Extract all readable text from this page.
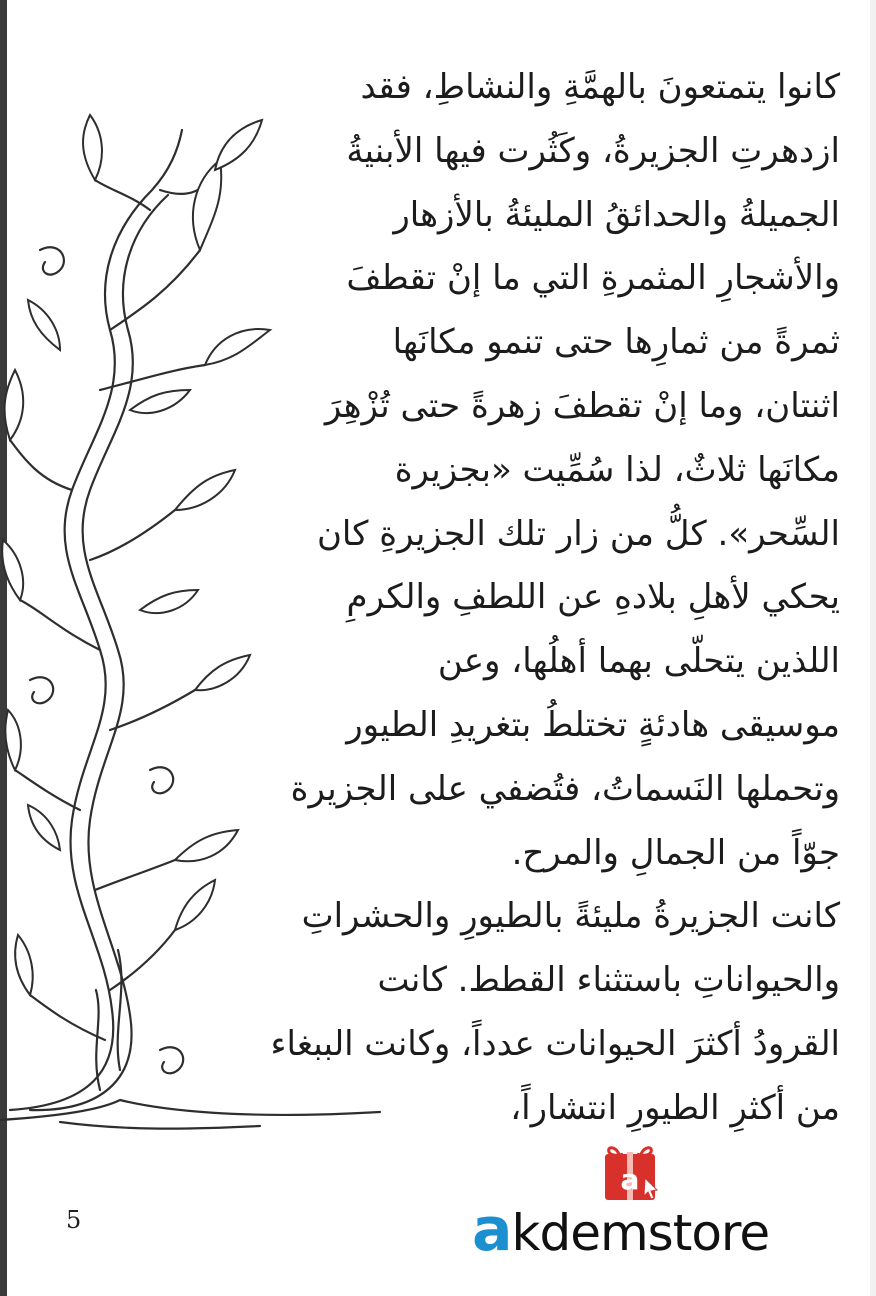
كانوا يتمتعونَ بالهمَّةِ والنشاطِ، فقد
ازدهرتِ الجزيرةُ، وكَثُرت فيها الأبنيةُ
الجميلةُ والحدائقُ المليئةُ بالأزهار
والأشجارِ المثمرةِ التي ما إنْ تقطفَ
ثمرةً من ثمارِها حتى تنمو مكانَها
اثنتان، وما إنْ تقطفَ زهرةً حتى تُزْهِرَ
مكانَها ثلاثٌ، لذا سُمِّيت «بجزيرة
السِّحر». كلُّ من زار تلك الجزيرةِ كان
يحكي لأهلِ بلادهِ عن اللطفِ والكرمِ
اللذين يتحلّى بهما أهلُها، وعن
موسيقى هادئةٍ تختلطُ بتغريدِ الطيور
وتحملها النَسماتُ، فتُضفي على الجزيرة
جوّاً من الجمالِ والمرح.
كانت الجزيرةُ مليئةً بالطيورِ والحشراتِ
والحيواناتِ باستثناء القطط. كانت
القرودُ أكثرَ الحيوانات عدداً، وكانت الببغاء
من أكثرِ الطيورِ انتشاراً،
5
a
akdemstore
